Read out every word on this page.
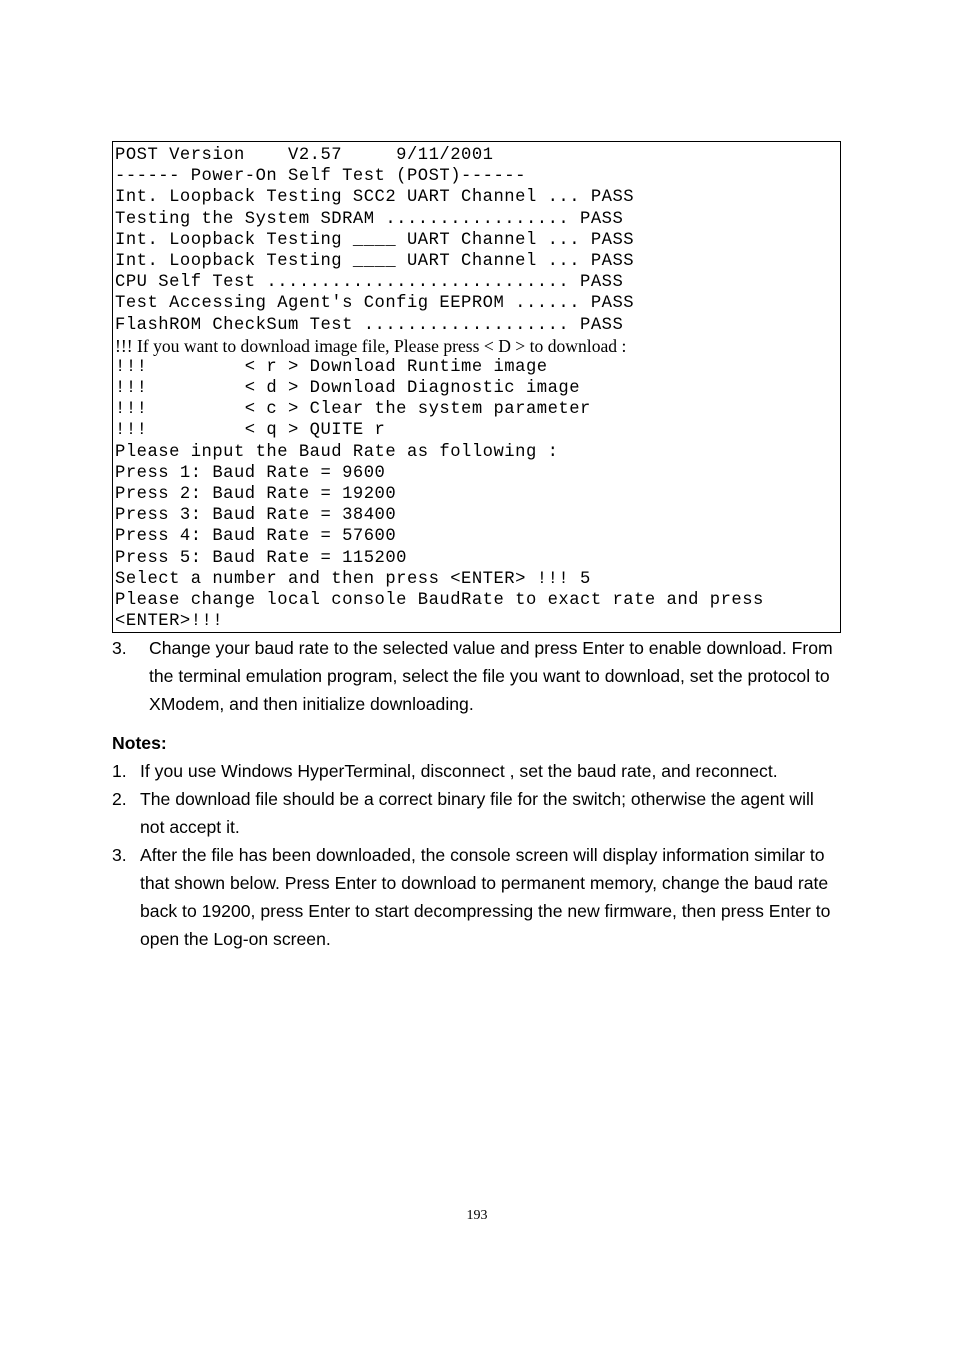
POST Version    V2.57     9/11/2001
------ Power-On Self Test (POST)------
Int. Loopback Testing SCC2 UART Channel ... PASS
Testing the System SDRAM ................. PASS
Int. Loopback Testing ____ UART Channel ... PASS
Int. Loopback Testing ____ UART Channel ... PASS
CPU Self Test ............................ PASS
Test Accessing Agent's Config EEPROM ...... PASS
FlashROM CheckSum Test ................... PASS
!!! If you want to download image file, Please press < D > to download :
!!!         < r > Download Runtime image
!!!         < d > Download Diagnostic image
!!!         < c > Clear the system parameter
!!!         < q > QUITE r
Please input the Baud Rate as following :
Press 1: Baud Rate = 9600
Press 2: Baud Rate = 19200
Press 3: Baud Rate = 38400
Press 4: Baud Rate = 57600
Press 5: Baud Rate = 115200
Select a number and then press <ENTER> !!! 5
Please change local console BaudRate to exact rate and press
<ENTER>!!!
3. Change your baud rate to the selected value and press Enter to enable download. From the terminal emulation program, select the file you want to download, set the protocol to XModem, and then initialize downloading.
Notes:
1. If you use Windows HyperTerminal, disconnect , set the baud rate, and reconnect.
2. The download file should be a correct binary file for the switch; otherwise the agent will not accept it.
3. After the file has been downloaded, the console screen will display information similar to that shown below. Press Enter to download to permanent memory, change the baud rate back to 19200, press Enter to start decompressing the new firmware, then press Enter to open the Log-on screen.
193
